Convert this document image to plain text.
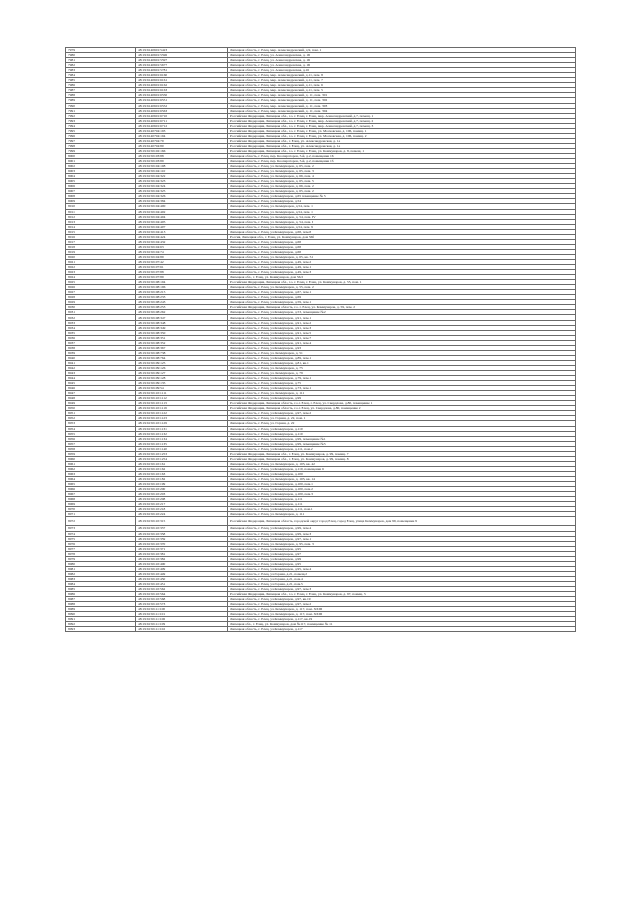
7979	48:19:6140601:5423	Липецкая область, г. Елец, мкр. Александровский, д.9, пом. 1
7980	48:19:6140601:5596	Липецкая область, г. Елец, ул. Александровская, д. 1Б
7981	48:19:6140601:5597	Липецкая область, г. Елец, ул. Александровская, д. 1Б
7982	48:19:6140601:5677	Липецкая область, г. Елец, ул. Александровская, д. 1Б
7983	48:19:6140601:5781	Липецкая область, г. Елец, ул. Александровская, д.16
7984	48:19:6140601:6160	Липецкая область, г. Елец, мкр. Александровский, д.11, пом. 8
7985	48:19:6140601:6161	Липецкая область, г. Елец, мкр. Александровский, д.11, пом. 7
7986	48:19:6140601:6162	Липецкая область, г. Елец, мкр. Александровский, д.11, пом. 6
7987	48:19:6140601:6163	Липецкая область, г. Елец, мкр. Александровский, д.11, пом. 5
7988	48:19:6140601:6550	Липецкая область, г. Елец, мкр. Александровский, д. 11, пом. 301
7989	48:19:6140601:6551	Липецкая область, г. Елец, мкр. Александровский, д. 11, пом. 302
7990	48:19:6140601:6552	Липецкая область, г. Елец, мкр. Александровский, д. 11, пом. 303
7991	48:19:6140601:6563	Липецкая область, г. Елец, мкр. Александровский, д. 11, пом. 304
7992	48:19:6140601:6710	Российская Федерация, Липецкая обл., г.о. г. Елец, г. Елец, мкр. Александровский, д.7, помещ. 1
7993	48:19:6140601:6711	Российская Федерация, Липецкая обл., г.о. г. Елец, г. Елец, мкр. Александровский, д.7, помещ. 2
7994	48:19:6140601:6712	Российская Федерация, Липецкая обл., г.о. г. Елец, г. Елец, мкр. Александровский, д.7, помещ. 3
7995	48:19:6140704:193	Российская Федерация, Липецкая обл., г.о. г. Елец, г. Елец, ул. Московская, д. 106, помещ. 1
7996	48:19:6140704:194	Российская Федерация, Липецкая обл., г.о. г. Елец, г. Елец, ул. Московская, д. 106, помещ. 2
7997	48:19:6140704:79	Российская Федерация, Липецкая обл., г. Елец, ул. Александровская, д. 1а
7998	48:19:6140704:80	Российская Федерация, Липецкая обл., г. Елец, ул. Александровская, д. 1а
7999	48:19:6150102:166	Российская Федерация, Липецкая обл., г.о. г. Елец, г. Елец, ул. Коммунаров, д. 8, помещ. 1
8000	48:19:6150103:88	Липецкая область, г. Елец, пер. Кооператоров, 5-й, д.2, помещение 16
8001	48:19:6150103:89	Липецкая область, г. Елец, пер. Кооператоров, 5-й, д.2, помещение 1б
8002	48:19:6150104:108	Липецкая область, г. Елец, ул. Коммунаров, д. 65, пом. 2
8003	48:19:6150104:110	Липецкая область, г. Елец, ул. Коммунаров, д. 65, пом. 3
8004	48:19:6150104:322	Липецкая область, г. Елец, ул. Коммунаров, д. 66, пом. 4
8005	48:19:6150104:323	Липецкая область, г. Елец, ул. Коммунаров, д. 65, пом. 5
8006	48:19:6150104:324	Липецкая область, г. Елец, ул. Коммунаров, д. 66, пом. 2
8007	48:19:6150104:325	Липецкая область, г. Елец, ул. Коммунаров, д. 65, пом. 2
8008	48:19:6150104:326	Липецкая область, г. Елец, ул.Коммунаров, д.65 помещение № 5
8009	48:19:6150104:384	Липецкая область, г. Елец, ул.Коммунаров, д.54
8010	48:19:6150104:400	Липецкая область, г. Елец, ул. Коммунаров, д.54, пом. 1
8011	48:19:6150104:402	Липецкая область, г. Елец, ул. Коммунаров, д.54, пом. 1
8012	48:19:6150104:404	Липецкая область, г. Елец, ул. Коммунаров, д. 54, пом. IV
8013	48:19:6150104:405	Липецкая область, г. Елец, ул. Коммунаров, д. 54, пом. I
8014	48:19:6150104:407	Липецкая область, г. Елец, ул. Коммунаров, д.54, пом. 9
8015	48:19:6150104:413	Липецкая область, г. Елец, ул.Коммунаров, д.68, пом.8
8016	48:19:6150104:424	Россия, Липецкая обл., г. Елец, ул. Коммунаров, дом 56б
8017	48:19:6150104:432	Липецкая область, г. Елец, ул.Коммунаров, д.68
8018	48:19:6150104:63	Липецкая область, г. Елец, ул.Коммунаров, д.68
8019	48:19:6150104:74	Липецкая область, г. Елец, ул.Коммунаров, д.68
8020	48:19:6150104:89	Липецкая область, г. Елец, ул. Коммунаров, д. 65, кв. 51
8021	48:19:6150107:42	Липецкая область, г. Елец, ул.Коммунаров, д.49, пом.2
8022	48:19:6150107:61	Липецкая область, г. Елец, ул.Коммунаров, д.49, пом.1
8023	48:19:6150107:88	Липецкая область, г. Елец, ул.Коммунаров, д.49, пом.3
8024	48:19:6150107:89	Липецкая обл., г. Елец, ул. Коммунаров, дом 56/2
8025	48:19:6150108:194	Российская Федерация, Липецкая обл., г.о. г. Елец, г. Елец, ул. Коммунаров, д. 55, пом. 1
8026	48:19:6150108:196	Липецкая область, г. Елец, ул. Коммунаров, д. 55, пом. 2
8027	48:19:6150108:215	Липецкая область, г. Елец, ул.Коммунаров, д.67, пом.1
8028	48:19:6150108:233	Липецкая область, г. Елец, ул.Коммунаров, д.69
8029	48:19:6150108:243	Липецкая область, г. Елец, ул.Коммунаров, д.59, пом.1
8030	48:19:6150108:253	Российская Федерация, Липецкая область, г.о. г. Елец, ул. Коммунаров, д. 59, пом. 2
8031	48:19:6150108:262	Липецкая область, г. Елец, ул.Коммунаров, д.53, помещение №2
8032	48:19:6150108:347	Липецкая область, г. Елец, ул.Коммунаров, д.91, пом.1
8033	48:19:6150108:348	Липецкая область, г. Елец, ул.Коммунаров, д.91, пом.2
8034	48:19:6150108:349	Липецкая область, г. Елец, ул.Коммунаров, д.91, пом.3
8035	48:19:6150108:350	Липецкая область, г. Елец, ул.Коммунаров, д.91, пом.5
8036	48:19:6150108:351	Липецкая область, г. Елец, ул.Коммунаров, д.91, пом.7
8037	48:19:6150108:352	Липецкая область, г. Елец, ул.Коммунаров, д.91, пом.4
8038	48:19:6150108:367	Липецкая область, г. Елец, ул.Коммунаров, д.93
8039	48:19:6150108:738	Липецкая область, г. Елец, ул. Коммунаров, д. 51
8040	48:19:6150108:764	Липецкая область, г. Елец, ул.Коммунаров, д.89, пом.1
8041	48:19:6150109:125	Липецкая область, г. Елец, ул.Коммунаров, д.81, кв.1
8042	48:19:6150109:126	Липецкая область, г. Елец, ул. Коммунаров, д. 75
8043	48:19:6150109:127	Липецкая область, г. Елец, ул. Коммунаров, д. 79
8044	48:19:6150109:128	Липецкая область, г. Елец, ул.Коммунаров, д.79, пом.1
8045	48:19:6150109:135	Липецкая область, г. Елец, ул.Коммунаров, д.75
8046	48:19:6150109:54	Липецкая область, г. Елец, ул.Коммунаров, д.73, пом.1
8047	48:19:6150110:1111	Липецкая область, г. Елец, ул. Коммунаров, д. 111
8048	48:19:6150110:1112	Липецкая область, г. Елец, ул.Коммунаров, д.99
8049	48:19:6150110:1113	Российская Федерация, Липецкая область, г.о.г. Елец, г. Елец, ул. Свердлова, д.80, помещение 1
8050	48:19:6150110:1119	Российская Федерация, Липецкая область, г.о.г. Елец, ул. Свердлова, д.80, помещение 2
8051	48:19:6150110:1122	Липецкая область, г. Елец, ул.Коммунаров, д.97, пом.2
8052	48:19:6150110:1123	Липецкая область, г. Елец, ул. Горная, д. 22, пом. 1
8053	48:19:6150110:1129	Липецкая область, г. Елец, ул. Горная, д. 22
8054	48:19:6150110:1131	Липецкая область, г. Елец, ул.Коммунаров, д.110
8055	48:19:6150110:1132	Липецкая область, г. Елец, ул.Коммунаров, д.110
8056	48:19:6150110:1134	Липецкая область, г. Елец, ул.Коммунаров, д.99, помещение №1
8057	48:19:6150110:1135	Липецкая область, г. Елец, ул.Коммунаров, д.99, помещение №5
8058	48:19:6150110:1140	Липецкая область, г. Елец, ул.Коммунаров, д.111, пом.2
8059	48:19:6150110:1253	Российская Федерация, Липецкая обл., г. Елец, ул. Коммунаров, д. 99, помещ. 7
8060	48:19:6150110:1254	Российская Федерация, Липецкая обл., г. Елец, ул. Коммунаров, д. 99, помещ. 8
8061	48:19:6150110:161	Липецкая область, г. Елец, ул. Коммунаров, д. 103, кв. 42
8062	48:19:6150110:162	Липецкая область, г. Елец, ул.Коммунаров, д.110, помещение 6
8063	48:19:6150110:163	Липецкая область, г. Елец, ул.Коммунаров, д.100
8064	48:19:6150110:182	Липецкая область, г. Елец, ул. Коммунаров, д. 103, кв. 14
8065	48:19:6150110:199	Липецкая область, г. Елец, ул.Коммунаров, д.100, пом.1
8066	48:19:6150110:200	Липецкая область, г. Елец, ул.Коммунаров, д.100, пом.2
8067	48:19:6150110:203	Липецкая область, г. Елец, ул.Коммунаров, д.100, пом.3
8068	48:19:6150110:208	Липецкая область, г. Елец, ул.Коммунаров, д.111
8069	48:19:6150110:217	Липецкая область, г. Елец, ул.Коммунаров, д.111
8070	48:19:6150110:218	Липецкая область, г. Елец, ул.Коммунаров, д.111, пом.1
8071	48:19:6150110:224	Липецкая область, г. Елец, ул. Коммунаров, д. 111
8072	48:19:6150110:315	Российская Федерация, Липецкая область, городской округ город Елец, город Елец, улица Коммунаров, дом 99, помещение 9
8073	48:19:6150110:337	Липецкая область, г. Елец, ул.Коммунаров, д.99, пом.4
8074	48:19:6150110:358	Липецкая область, г. Елец, ул.Коммунаров, д.99, пом.3
8075	48:19:6150110:359	Липецкая область, г. Елец, ул.Коммунаров, д.97, пом.1
8076	48:19:6150110:370	Липецкая область, г. Елец, ул. Коммунаров, д. 95, пом. 3
8077	48:19:6150110:371	Липецкая область, г. Елец, ул.Коммунаров, д.95
8078	48:19:6150110:381	Липецкая область, г. Елец, ул.Коммунаров, д.97
8079	48:19:6150110:382	Липецкая область, г. Елец, ул.Коммунаров, д.99
8080	48:19:6150110:400	Липецкая область, г. Елец, ул.Коммунаров, д.95
8081	48:19:6150110:409	Липецкая область, г. Елец, ул.Коммунаров, д.95, пом.4
8082	48:19:6150110:449	Липецкая область, г. Елец, ул.Горная, д.21, помещ.2
8083	48:19:6150110:450	Липецкая область, г. Елец, ул.Горная, д.21, пом.4
8084	48:19:6150110:451	Липецкая область, г. Елец, ул.Горная, д.21, пом.5
8085	48:19:6150110:562	Липецкая область, г. Елец, ул.Коммунаров, д.97, пом.3
8086	48:19:6150110:564	Российская Федерация, Липецкая обл., г.о. г. Елец, г. Елец, ул. Коммунаров, д. 97, помещ. 5
8087	48:19:6150110:568	Липецкая область, г. Елец, ул.Коммунаров, д.97, кв.19
8088	48:19:6150110:573	Липецкая область, г. Елец, ул.Коммунаров, д.97, пом.2
8089	48:19:6150111:100	Липецкая область, г. Елец, ул. Коммунаров, д. 117, пом. XXIII
8090	48:19:6150111:101	Липецкая область, г. Елец, ул. Коммунаров, д. 117, пом. XXIII
8091	48:19:6150111:106	Липецкая область, г. Елец, ул.Коммунаров, д.117, кв.19
8092	48:19:6150111:109	Липецкая обл., г. Елец, ул. Коммунаров, дом №117, помещение № 11
8093	48:19:6150111:102	Липецкая область, г. Елец, ул.Коммунаров, д.117
